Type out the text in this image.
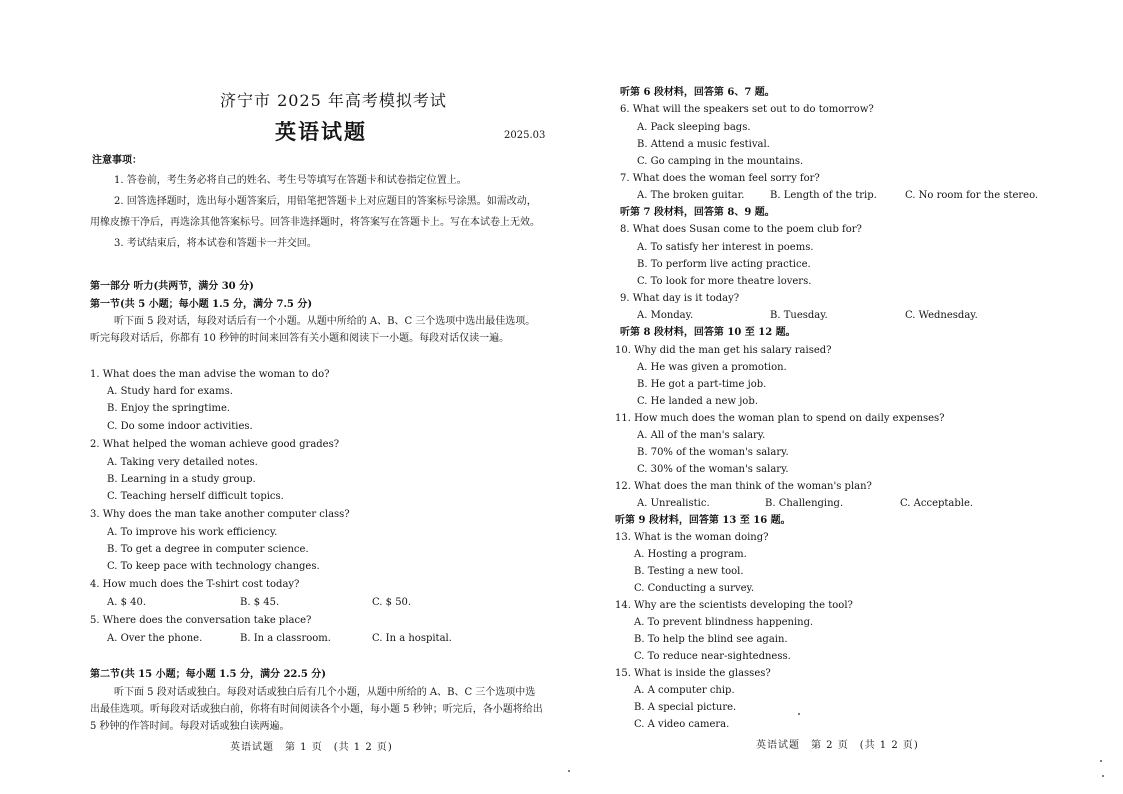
济宁市 2025 年高考模拟考试
英语试题	2025.03
注意事项：

1. 答卷前，考生务必将自己的姓名、考生号等填写在答题卡和试卷指定位置上。

2. 回答选择题时，选出每小题答案后，用铅笔把答题卡上对应题目的答案标号涂黑。如需改动，用橡皮擦干净后，再选涂其他答案标号。回答非选择题时，将答案写在答题卡上。写在本试卷上无效。

3. 考试结束后，将本试卷和答题卡一并交回。

第一部分 听力(共两节，满分 30 分)
第一节(共 5 小题；每小题 1.5 分，满分 7.5 分)
听下面 5 段对话，每段对话后有一个小题。从题中所给的 A、B、C 三个选项中选出最佳选项。听完每段对话后，你都有 10 秒钟的时间来回答有关小题和阅读下一小题。每段对话仅读一遍。
1. What does the man advise the woman to do?
A. Study hard for exams.
B. Enjoy the springtime.
C. Do some indoor activities.
2. What helped the woman achieve good grades?
A. Taking very detailed notes.
B. Learning in a study group.
C. Teaching herself difficult topics.
3. Why does the man take another computer class?
A. To improve his work efficiency.
B. To get a degree in computer science.
C. To keep pace with technology changes.
4. How much does the T-shirt cost today?
A. $ 40.	B. $ 45.	C. $ 50.
5. Where does the conversation take place?
A. Over the phone.	B. In a classroom.	C. In a hospital.
第二节(共 15 小题；每小题 1.5 分，满分 22.5 分)
听下面 5 段对话或独白。每段对话或独白后有几个小题，从题中所给的 A、B、C 三个选项中选出最佳选项。听每段对话或独白前，你将有时间阅读各个小题，每小题 5 秒钟；听完后，各小题将给出 5 秒钟的作答时间。每段对话或独白读两遍。
英语试题　第 1 页　(共 1 2 页)
听第 6 段材料，回答第 6、7 题。
6. What will the speakers set out to do tomorrow?
A. Pack sleeping bags.
B. Attend a music festival.
C. Go camping in the mountains.
7. What does the woman feel sorry for?
A. The broken guitar.	B. Length of the trip.	C. No room for the stereo.
听第 7 段材料，回答第 8、9 题。
8. What does Susan come to the poem club for?
A. To satisfy her interest in poems.
B. To perform live acting practice.
C. To look for more theatre lovers.
9. What day is it today?
A. Monday.	B. Tuesday.	C. Wednesday.
听第 8 段材料，回答第 10 至 12 题。
10. Why did the man get his salary raised?
A. He was given a promotion.
B. He got a part-time job.
C. He landed a new job.
11. How much does the woman plan to spend on daily expenses?
A. All of the man's salary.
B. 70% of the woman's salary.
C. 30% of the woman's salary.
12. What does the man think of the woman's plan?
A. Unrealistic.	B. Challenging.	C. Acceptable.
听第 9 段材料，回答第 13 至 16 题。
13. What is the woman doing?
A. Hosting a program.
B. Testing a new tool.
C. Conducting a survey.
14. Why are the scientists developing the tool?
A. To prevent blindness happening.
B. To help the blind see again.
C. To reduce near-sightedness.
15. What is inside the glasses?
A. A computer chip.
B. A special picture.
C. A video camera.
英语试题　第 2 页　(共 1 2 页)
